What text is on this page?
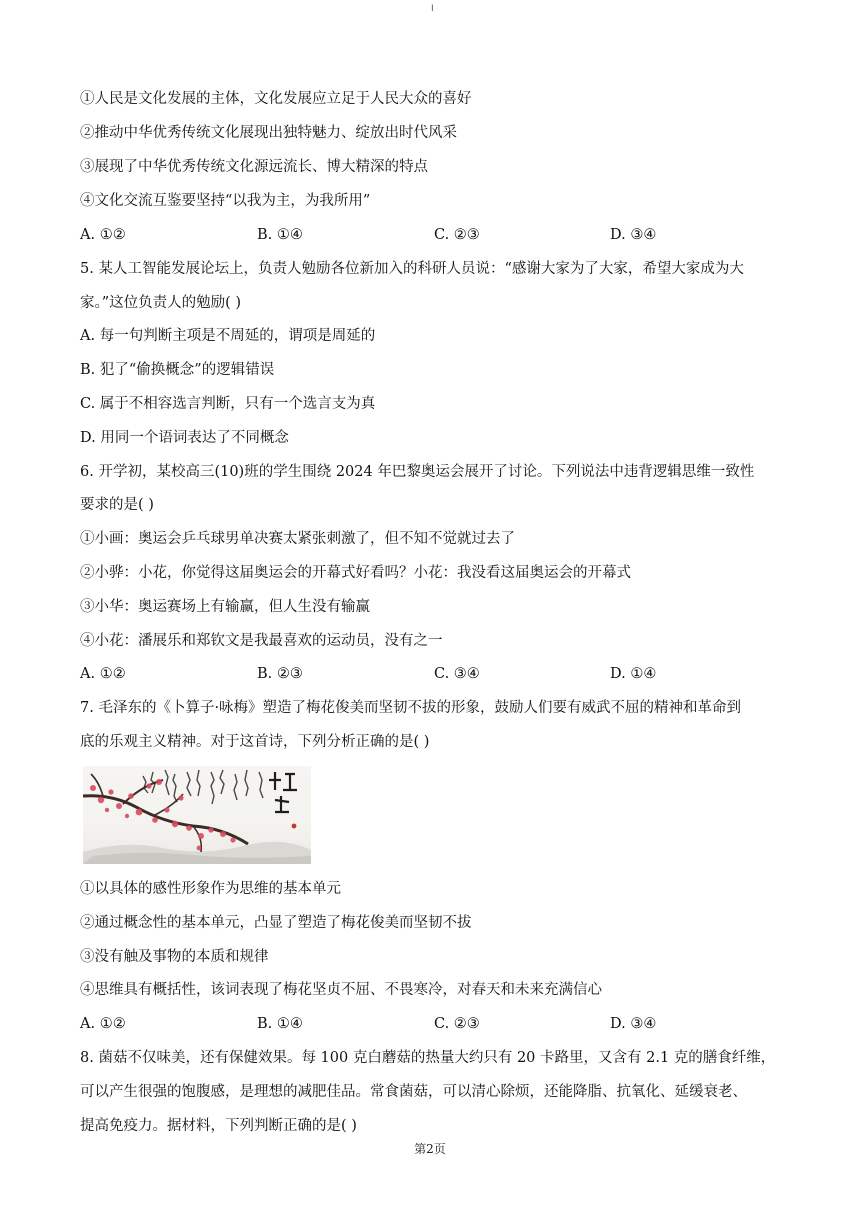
I
①人民是文化发展的主体，文化发展应立足于人民大众的喜好
②推动中华优秀传统文化展现出独特魅力、绽放出时代风采
③展现了中华优秀传统文化源远流长、博大精深的特点
④文化交流互鉴要坚持“以我为主，为我所用”
A. ①②	B. ①④	C. ②③	D. ③④
5. 某人工智能发展论坛上，负责人勉励各位新加入的科研人员说：“感谢大家为了大家，希望大家成为大
家。”这位负责人的勉励( )
A. 每一句判断主项是不周延的，谓项是周延的
B. 犯了“偷换概念”的逻辑错误
C. 属于不相容选言判断，只有一个选言支为真
D. 用同一个语词表达了不同概念
6. 开学初，某校高三(10)班的学生围绕 2024 年巴黎奥运会展开了讨论。下列说法中违背逻辑思维一致性
要求的是( )
①小画：奥运会乒乓球男单决赛太紧张刺激了，但不知不觉就过去了
②小骅：小花，你觉得这届奥运会的开幕式好看吗？小花：我没看这届奥运会的开幕式
③小华：奥运赛场上有输赢，但人生没有输赢
④小花：潘展乐和郑钦文是我最喜欢的运动员，没有之一
A. ①②	B. ②③	C. ③④	D. ①④
7. 毛泽东的《卜算子·咏梅》塑造了梅花俊美而坚韧不拔的形象，鼓励人们要有威武不屈的精神和革命到
底的乐观主义精神。对于这首诗，下列分析正确的是( )
①以具体的感性形象作为思维的基本单元
②通过概念性的基本单元，凸显了塑造了梅花俊美而坚韧不拔
③没有触及事物的本质和规律
④思维具有概括性，该词表现了梅花坚贞不屈、不畏寒冷，对春天和未来充满信心
A. ①②	B. ①④	C. ②③	D. ③④
8. 菌菇不仅味美，还有保健效果。每 100 克白蘑菇的热量大约只有 20 卡路里，又含有 2.1 克的膳食纤维，
可以产生很强的饱腹感，是理想的减肥佳品。常食菌菇，可以清心除烦，还能降脂、抗氧化、延缓衰老、
提高免疫力。据材料，下列判断正确的是( )
第2页
